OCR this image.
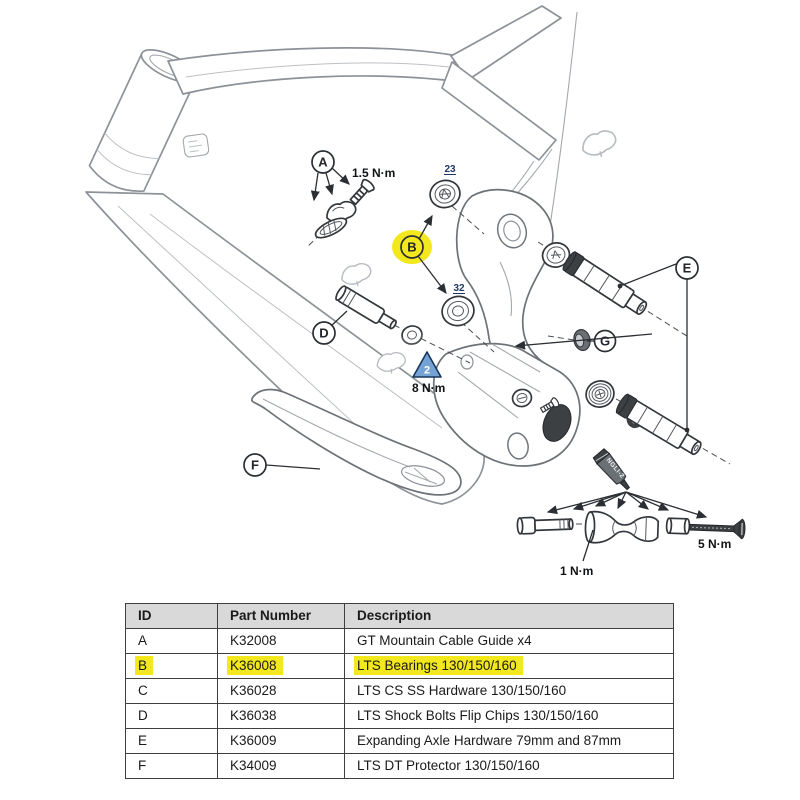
NGLI-2
A
B
D
E
F
G
1.5 N·m
2
8 N·m
1 N·m
5 N·m
23
32
ID	Part Number	Description
A	K32008	GT Mountain Cable Guide x4
B	K36008	LTS Bearings 130/150/160
C	K36028	LTS CS SS Hardware 130/150/160
D	K36038	LTS Shock Bolts Flip Chips 130/150/160
E	K36009	Expanding Axle Hardware 79mm and 87mm
F	K34009	LTS DT Protector 130/150/160
